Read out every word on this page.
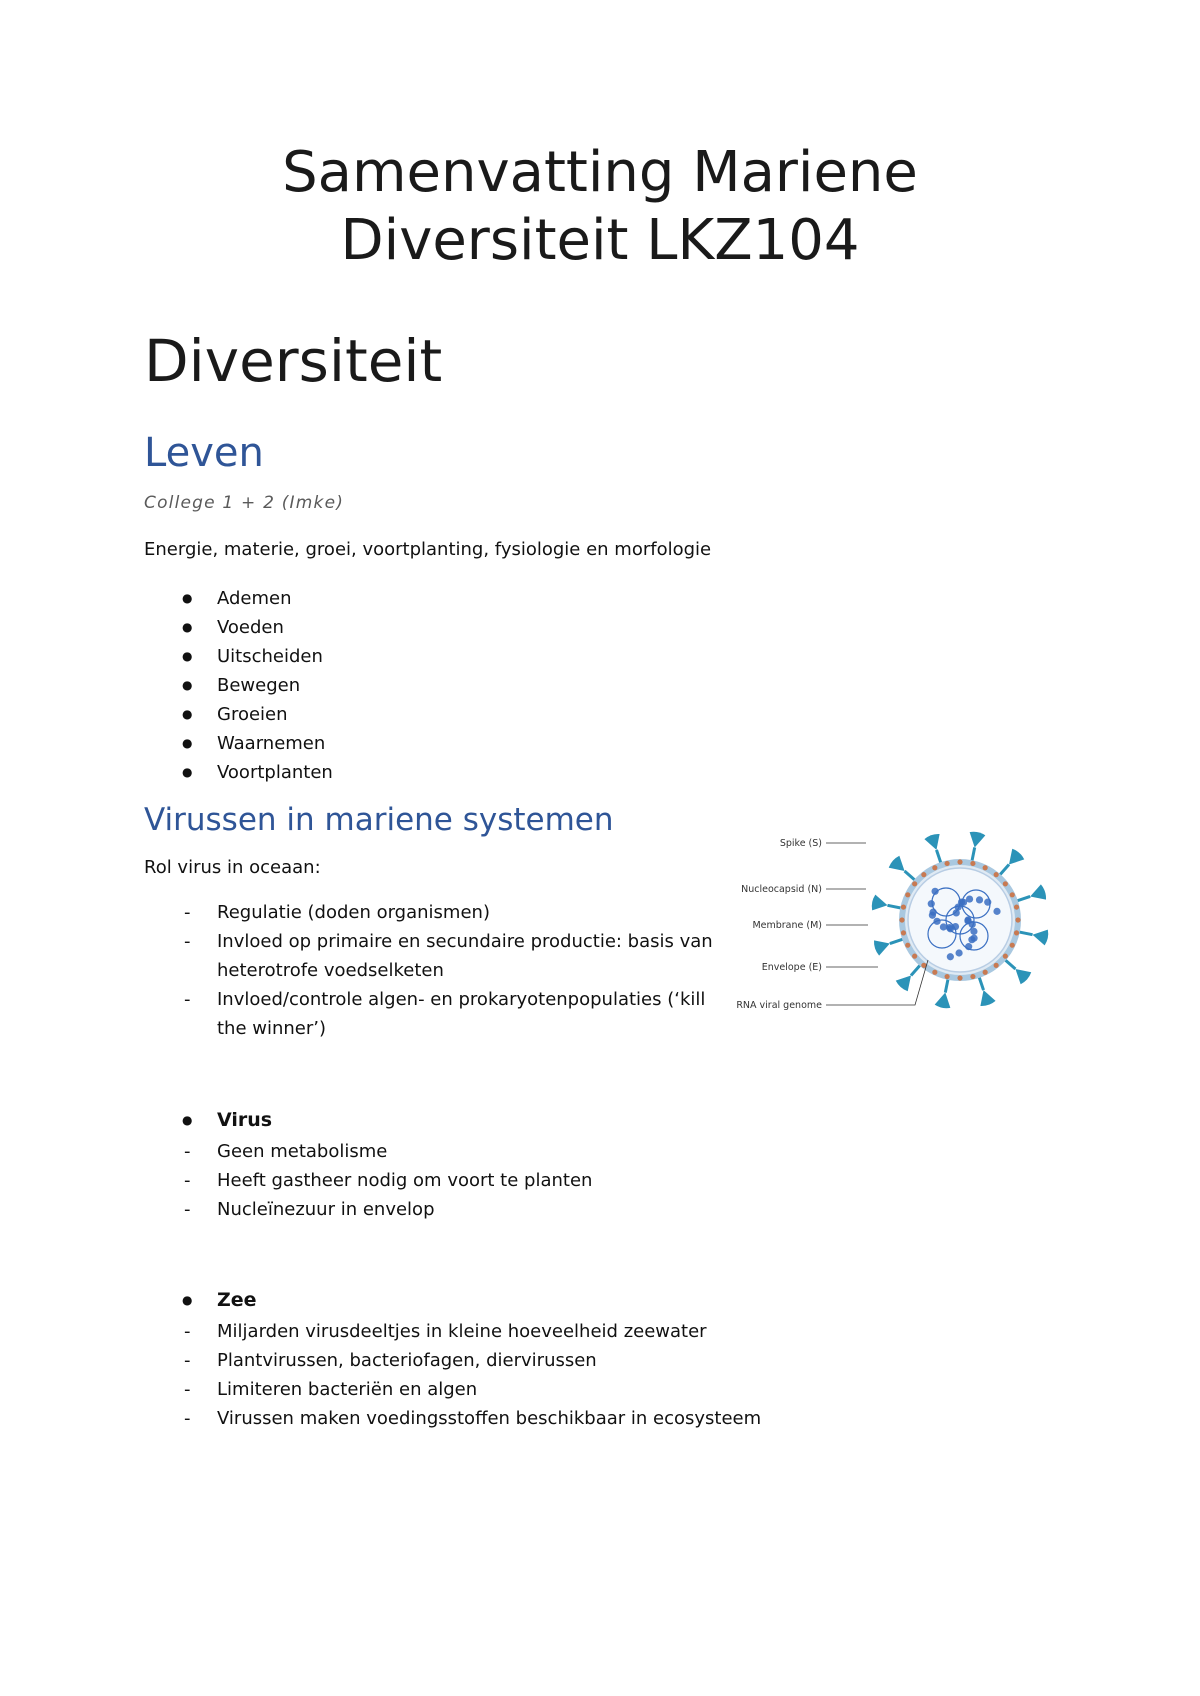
Samenvatting Mariene
Diversiteit LKZ104
Diversiteit
Leven

College 1 + 2 (Imke)

Energie, materie, groei, voortplanting, fysiologie en morfologie

● Ademen
● Voeden
● Uitscheiden
● Bewegen
● Groeien
● Waarnemen
● Voortplanten
Virussen in mariene systemen

Rol virus in oceaan:

- Regulatie (doden organismen)
- Invloed op primaire en secundaire productie: basis van heterotrofe voedselketen
- Invloed/controle algen- en prokaryotenpopulaties (‘kill the winner’)

● Virus

- Geen metabolisme
- Heeft gastheer nodig om voort te planten
- Nucleïnezuur in envelop

● Zee

- Miljarden virusdeeltjes in kleine hoeveelheid zeewater
- Plantvirussen, bacteriofagen, diervirussen
- Limiteren bacteriën en algen
- Virussen maken voedingsstoffen beschikbaar in ecosysteem
Spike (S)
Nucleocapsid (N)
Membrane (M)
Envelope (E)
RNA viral genome
